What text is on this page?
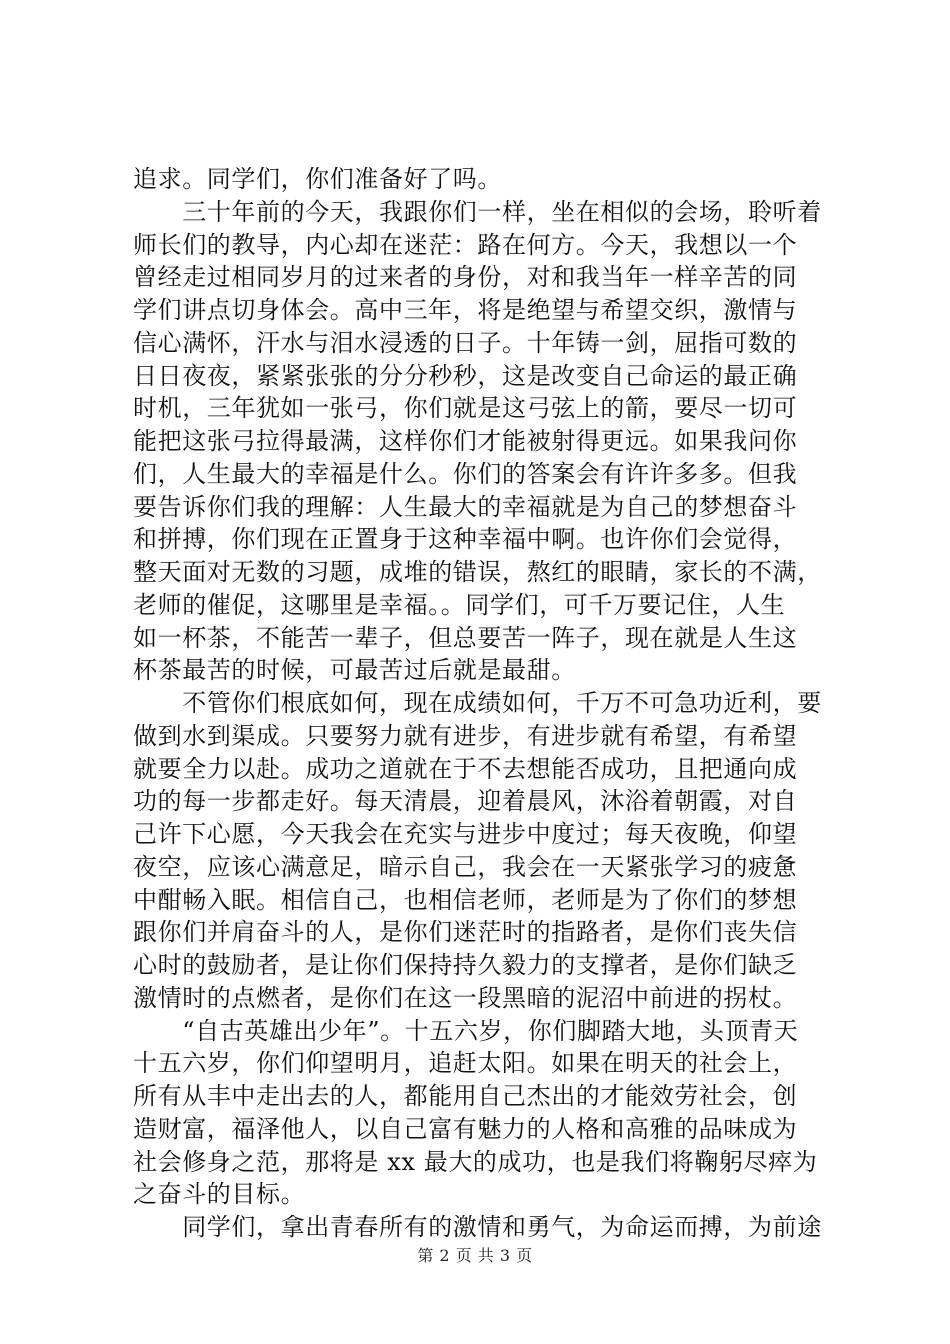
追求。同学们，你们准备好了吗。
　　三十年前的今天，我跟你们一样，坐在相似的会场，聆听着
师长们的教导，内心却在迷茫：路在何方。今天，我想以一个
曾经走过相同岁月的过来者的身份，对和我当年一样辛苦的同
学们讲点切身体会。高中三年，将是绝望与希望交织，激情与
信心满怀，汗水与泪水浸透的日子。十年铸一剑，屈指可数的
日日夜夜，紧紧张张的分分秒秒，这是改变自己命运的最正确
时机，三年犹如一张弓，你们就是这弓弦上的箭，要尽一切可
能把这张弓拉得最满，这样你们才能被射得更远。如果我问你
们，人生最大的幸福是什么。你们的答案会有许许多多。但我
要告诉你们我的理解：人生最大的幸福就是为自己的梦想奋斗
和拼搏，你们现在正置身于这种幸福中啊。也许你们会觉得，
整天面对无数的习题，成堆的错误，熬红的眼睛，家长的不满，
老师的催促，这哪里是幸福。。同学们，可千万要记住，人生
如一杯茶，不能苦一辈子，但总要苦一阵子，现在就是人生这
杯茶最苦的时候，可最苦过后就是最甜。
　　不管你们根底如何，现在成绩如何，千万不可急功近利，要
做到水到渠成。只要努力就有进步，有进步就有希望，有希望
就要全力以赴。成功之道就在于不去想能否成功，且把通向成
功的每一步都走好。每天清晨，迎着晨风，沐浴着朝霞，对自
己许下心愿，今天我会在充实与进步中度过；每天夜晚，仰望
夜空，应该心满意足，暗示自己，我会在一天紧张学习的疲惫
中酣畅入眠。相信自己，也相信老师，老师是为了你们的梦想
跟你们并肩奋斗的人，是你们迷茫时的指路者，是你们丧失信
心时的鼓励者，是让你们保持持久毅力的支撑者，是你们缺乏
激情时的点燃者，是你们在这一段黑暗的泥沼中前进的拐杖。
　　“自古英雄出少年”。十五六岁，你们脚踏大地，头顶青天
十五六岁，你们仰望明月，追赶太阳。如果在明天的社会上，
所有从丰中走出去的人，都能用自己杰出的才能效劳社会，创
造财富，福泽他人，以自己富有魅力的人格和高雅的品味成为
社会修身之范，那将是 xx 最大的成功，也是我们将鞠躬尽瘁为
之奋斗的目标。
　　同学们，拿出青春所有的激情和勇气，为命运而搏，为前途
第 2 页 共 3 页
